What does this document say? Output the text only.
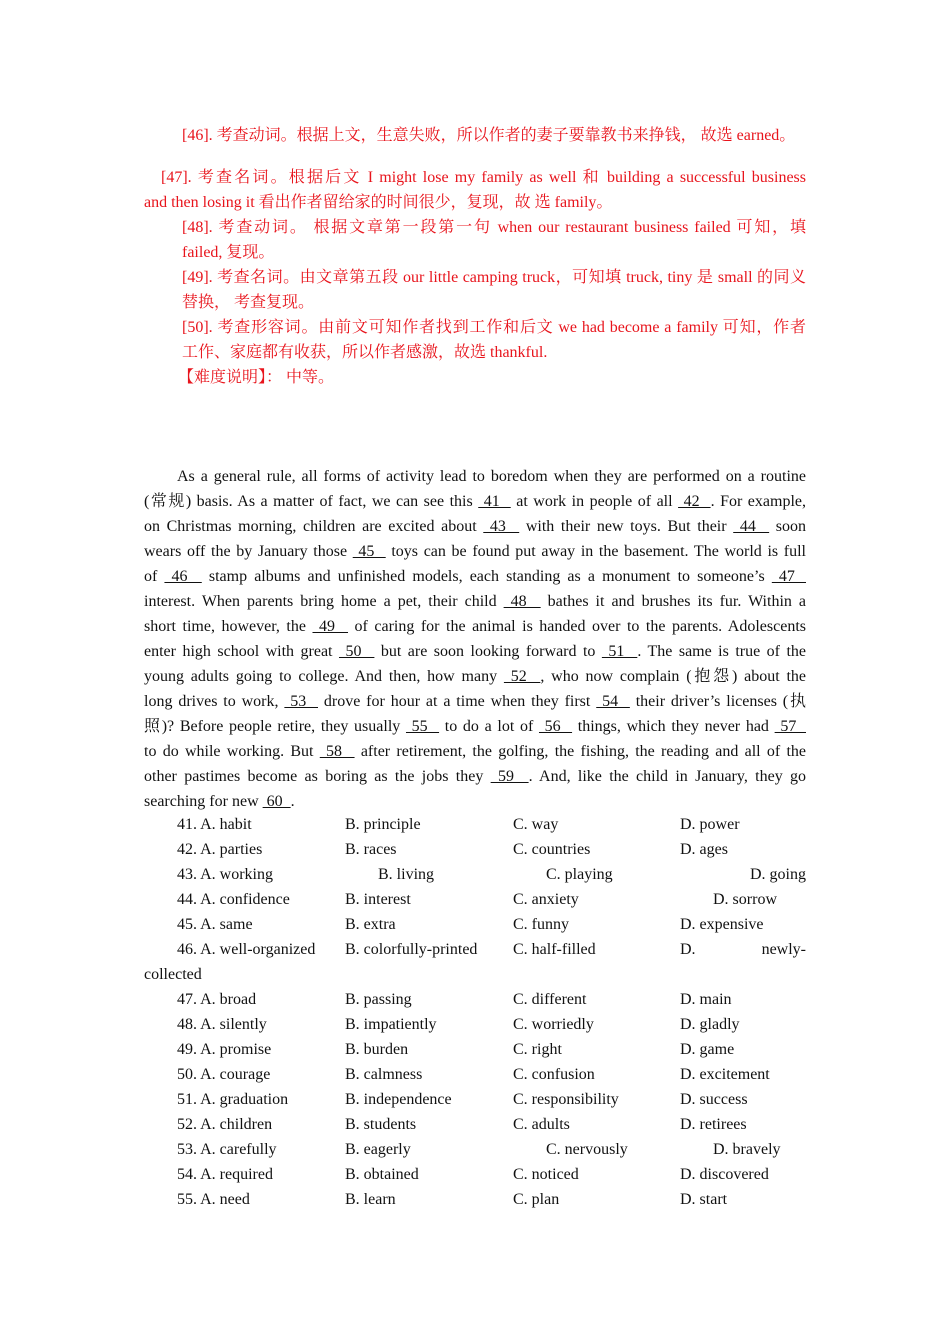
[46]. 考查动词。根据上文，生意失败，所以作者的妻子要靠教书来挣钱， 故选 earned。
[47]. 考查名词。根据后文 I might lose my family as well 和 building a successful business
and then losing it 看出作者留给家的时间很少，复现，故 选 family。
[48]. 考查动词。 根据文章第一段第一句 when our restaurant business failed 可知，填
failed, 复现。
[49]. 考查名词。由文章第五段 our little camping truck，可知填 truck, tiny 是 small 的同义
替换， 考查复现。
[50]. 考查形容词。由前文可知作者找到工作和后文 we had become a family 可知，作者
工作、家庭都有收获，所以作者感激，故选 thankful.
【难度说明】： 中等。
As a general rule, all forms of activity lead to boredom when they are performed on a routine
(常规) basis. As a matter of fact, we can see this  41   at work in people of all  42  . For example,
on Christmas morning, children are excited about  43   with their new toys. But their  44   soon
wears off the by January those  45   toys can be found put away in the basement. The world is full
of  46   stamp albums and unfinished models, each standing as a monument to someone’s  47
interest. When parents bring home a pet, their child  48   bathes it and brushes its fur. Within a
short time, however, the  49   of caring for the animal is handed over to the parents. Adolescents
enter high school with great  50   but are soon looking forward to  51  . The same is true of the
young adults going to college. And then, how many  52  , who now complain (抱怨) about the
long drives to work,  53   drove for hour at a time when they first  54   their driver’s licenses (执
照)? Before people retire, they usually  55   to do a lot of  56   things, which they never had  57
to do while working. But  58   after retirement, the golfing, the fishing, the reading and all of the
other pastimes become as boring as the jobs they  59  . And, like the child in January, they go
searching for new  60  .
41. A. habit	B. principle	C. way	D. power
42. A. parties	B. races	C. countries	D. ages
43. A. working	B. living	C. playing	D. going
44. A. confidence	B. interest	C. anxiety	D. sorrow
45. A. same	B. extra	C. funny	D. expensive
46. A. well-organized B. colorfully-printed C. half-filled	D.	newly-
collected
47. A. broad	B. passing	C. different	D. main
48. A. silently	B. impatiently	C. worriedly	D. gladly
49. A. promise	B. burden	C. right	D. game
50. A. courage	B. calmness	C. confusion	D. excitement
51. A. graduation	B. independence	C. responsibility	D. success
52. A. children	B. students	C. adults	D. retirees
53. A. carefully	B. eagerly	C. nervously	D. bravely
54. A. required	B. obtained	C. noticed	D. discovered
55. A. need	B. learn	C. plan	D. start
